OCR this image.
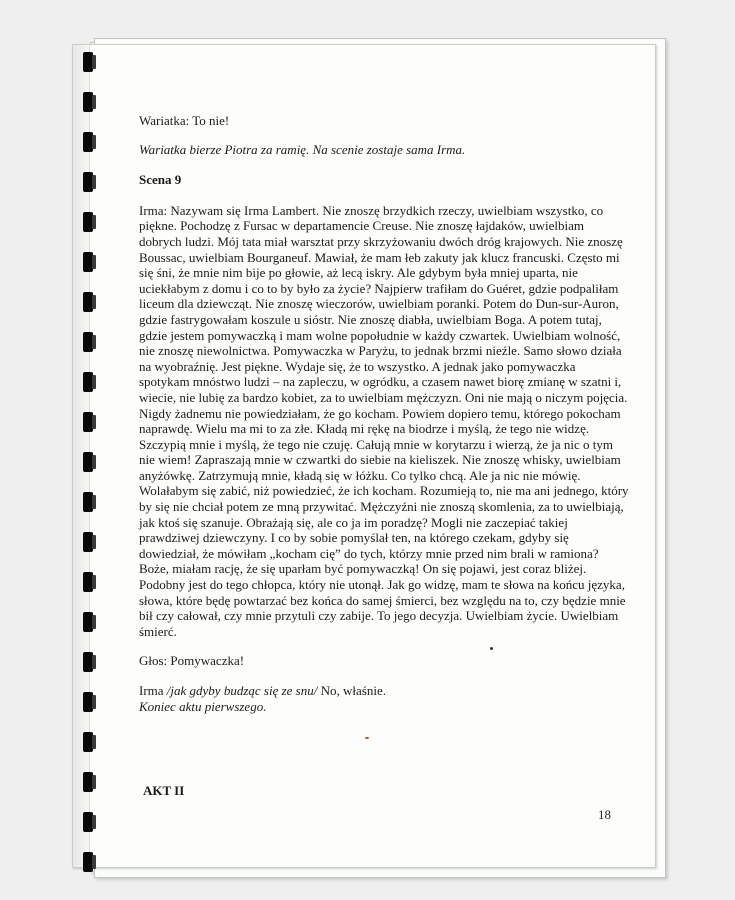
Wariatka: To nie!

Wariatka bierze Piotra za ramię. Na scenie zostaje sama Irma.

Scena 9

Irma: Nazywam się Irma Lambert. Nie znoszę brzydkich rzeczy, uwielbiam wszystko, co piękne. Pochodzę z Fursac w departamencie Creuse. Nie znoszę łajdaków, uwielbiam dobrych ludzi. Mój tata miał warsztat przy skrzyżowaniu dwóch dróg krajowych. Nie znoszę Boussac, uwielbiam Bourganeuf. Mawiał, że mam łeb zakuty jak klucz francuski. Często mi się śni, że mnie nim bije po głowie, aż lecą iskry. Ale gdybym była mniej uparta, nie uciekłabym z domu i co to by było za życie? Najpierw trafiłam do Guéret, gdzie podpaliłam liceum dla dziewcząt. Nie znoszę wieczorów, uwielbiam poranki. Potem do Dun-sur-Auron, gdzie fastrygowałam koszule u sióstr. Nie znoszę diabła, uwielbiam Boga. A potem tutaj, gdzie jestem pomywaczką i mam wolne popołudnie w każdy czwartek. Uwielbiam wolność, nie znoszę niewolnictwa. Pomywaczka w Paryżu, to jednak brzmi nieźle. Samo słowo działa na wyobraźnię. Jest piękne. Wydaje się, że to wszystko. A jednak jako pomywaczka spotykam mnóstwo ludzi – na zapleczu, w ogródku, a czasem nawet biorę zmianę w szatni i, wiecie, nie lubię za bardzo kobiet, za to uwielbiam mężczyzn. Oni nie mają o niczym pojęcia. Nigdy żadnemu nie powiedziałam, że go kocham. Powiem dopiero temu, którego pokocham naprawdę. Wielu ma mi to za złe. Kładą mi rękę na biodrze i myślą, że tego nie widzę. Szczypią mnie i myślą, że tego nie czuję. Całują mnie w korytarzu i wierzą, że ja nic o tym nie wiem! Zapraszają mnie w czwartki do siebie na kieliszek. Nie znoszę whisky, uwielbiam anyżówkę. Zatrzymują mnie, kładą się w łóżku. Co tylko chcą. Ale ja nic nie mówię. Wolałabym się zabić, niż powiedzieć, że ich kocham. Rozumieją to, nie ma ani jednego, który by się nie chciał potem ze mną przywitać. Mężczyźni nie znoszą skomlenia, za to uwielbiają, jak ktoś się szanuje. Obrażają się, ale co ja im poradzę? Mogli nie zaczepiać takiej prawdziwej dziewczyny. I co by sobie pomyślał ten, na którego czekam, gdyby się dowiedział, że mówiłam „kocham cię” do tych, którzy mnie przed nim brali w ramiona? Boże, miałam rację, że się uparłam być pomywaczką! On się pojawi, jest coraz bliżej. Podobny jest do tego chłopca, który nie utonął. Jak go widzę, mam te słowa na końcu języka, słowa, które będę powtarzać bez końca do samej śmierci, bez względu na to, czy będzie mnie bił czy całował, czy mnie przytuli czy zabije. To jego decyzja. Uwielbiam życie. Uwielbiam śmierć.

Głos: Pomywaczka!

Irma /jak gdyby budząc się ze snu/ No, właśnie.

Koniec aktu pierwszego.

AKT II
18
